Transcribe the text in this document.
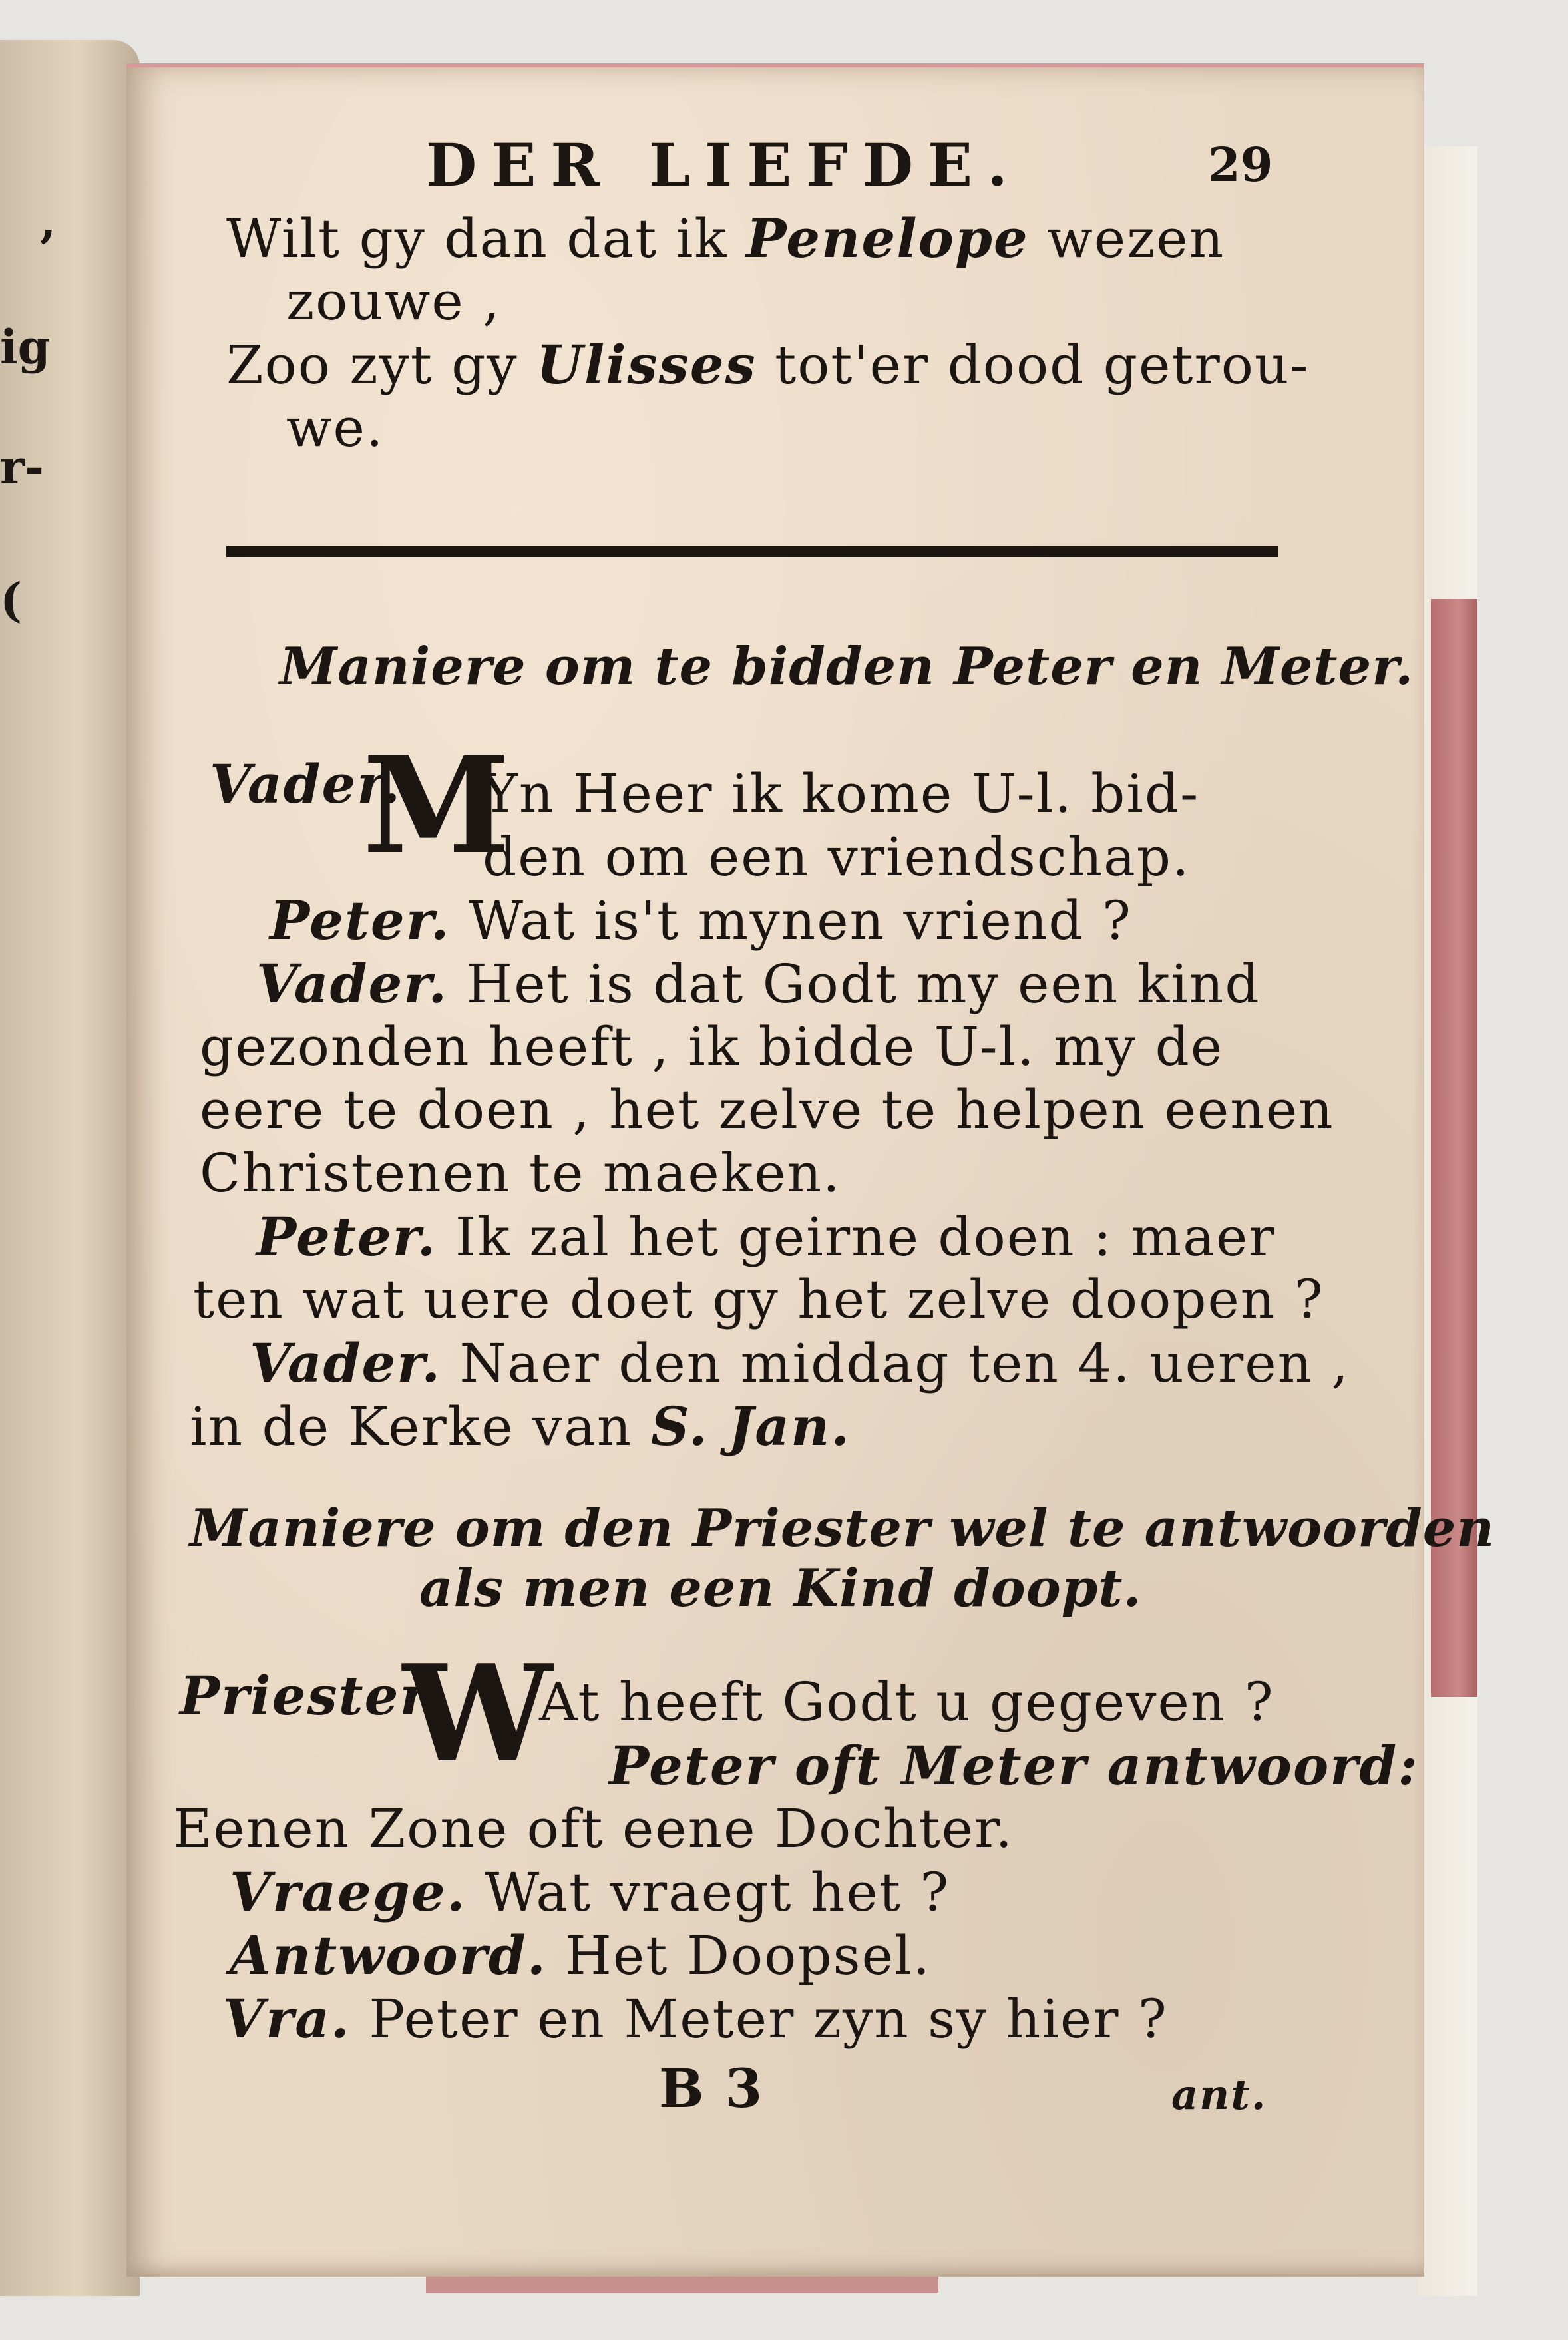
,
ig
r-
(
DER LIEFDE.	29
Wilt gy dan dat ik Penelope wezen
zouwe ,
Zoo zyt gy Ulisses tot'er dood getrou-
we.
Maniere om te bidden Peter en Meter.
Vader.
M
Yn Heer ik kome U-l. bid-
den om een vriendschap.
Peter. Wat is't mynen vriend ?
Vader. Het is dat Godt my een kind
gezonden heeft , ik bidde U-l. my de
eere te doen , het zelve te helpen eenen
Christenen te maeken.
Peter. Ik zal het geirne doen : maer
ten wat uere doet gy het zelve doopen ?
Vader. Naer den middag ten 4. ueren ,
in de Kerke van S. Jan.
Maniere om den Priester wel te antwoorden
als men een Kind doopt.
Priester.
W
At heeft Godt u gegeven ?
Peter oft Meter antwoord:
Eenen Zone oft eene Dochter.
Vraege. Wat vraegt het ?
Antwoord. Het Doopsel.
Vra. Peter en Meter zyn sy hier ?
B 3	ant.
